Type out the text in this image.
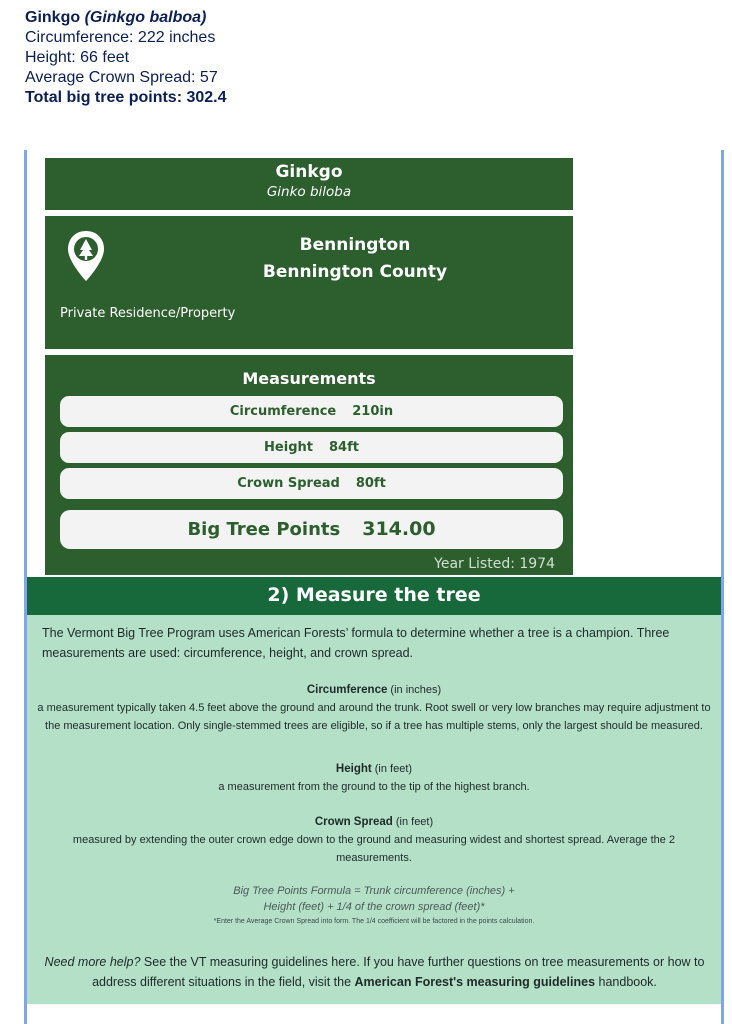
Ginkgo (Ginkgo balboa)
Circumference: 222 inches
Height: 66 feet
Average Crown Spread: 57
Total big tree points: 302.4
Ginkgo
Ginko biloba
Bennington
Bennington County
Private Residence/Property
Measurements
Circumference 210in
Height 84ft
Crown Spread 80ft
Big Tree Points 314.00
Year Listed: 1974
2) Measure the tree
The Vermont Big Tree Program uses American Forests’ formula to determine whether a tree is a champion. Three measurements are used: circumference, height, and crown spread.
Circumference (in inches)
a measurement typically taken 4.5 feet above the ground and around the trunk. Root swell or very low branches may require adjustment to the measurement location. Only single-stemmed trees are eligible, so if a tree has multiple stems, only the largest should be measured.
Height (in feet)
a measurement from the ground to the tip of the highest branch.
Crown Spread (in feet)
measured by extending the outer crown edge down to the ground and measuring widest and shortest spread. Average the 2 measurements.
Big Tree Points Formula = Trunk circumference (inches) +
Height (feet) + 1/4 of the crown spread (feet)*
*Enter the Average Crown Spread into form. The 1/4 coefficient will be factored in the points calculation.
Need more help? See the VT measuring guidelines here. If you have further questions on tree measurements or how to address different situations in the field, visit the American Forest's measuring guidelines handbook.
